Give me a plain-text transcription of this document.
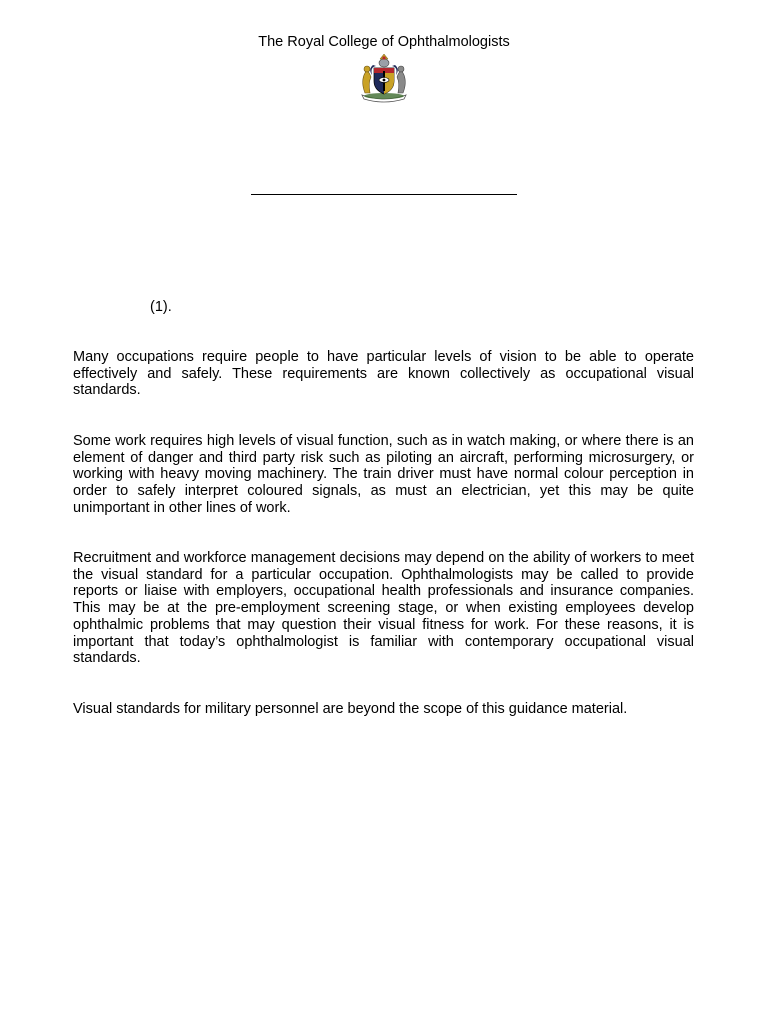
The Royal College of Ophthalmologists
(1).

Many occupations require people to have particular levels of vision to be able to operate effectively and safely. These requirements are known collectively as occupational visual standards.

Some work requires high levels of visual function, such as in watch making, or where there is an element of danger and third party risk such as piloting an aircraft, performing microsurgery, or working with heavy moving machinery. The train driver must have normal colour perception in order to safely interpret coloured signals, as must an electrician, yet this may be quite unimportant in other lines of work.

Recruitment and workforce management decisions may depend on the ability of workers to meet the visual standard for a particular occupation. Ophthalmologists may be called to provide reports or liaise with employers, occupational health professionals and insurance companies. This may be at the pre-employment screening stage, or when existing employees develop ophthalmic problems that may question their visual fitness for work. For these reasons, it is important that today’s ophthalmologist is familiar with contemporary occupational visual standards.

Visual standards for military personnel are beyond the scope of this guidance material.
